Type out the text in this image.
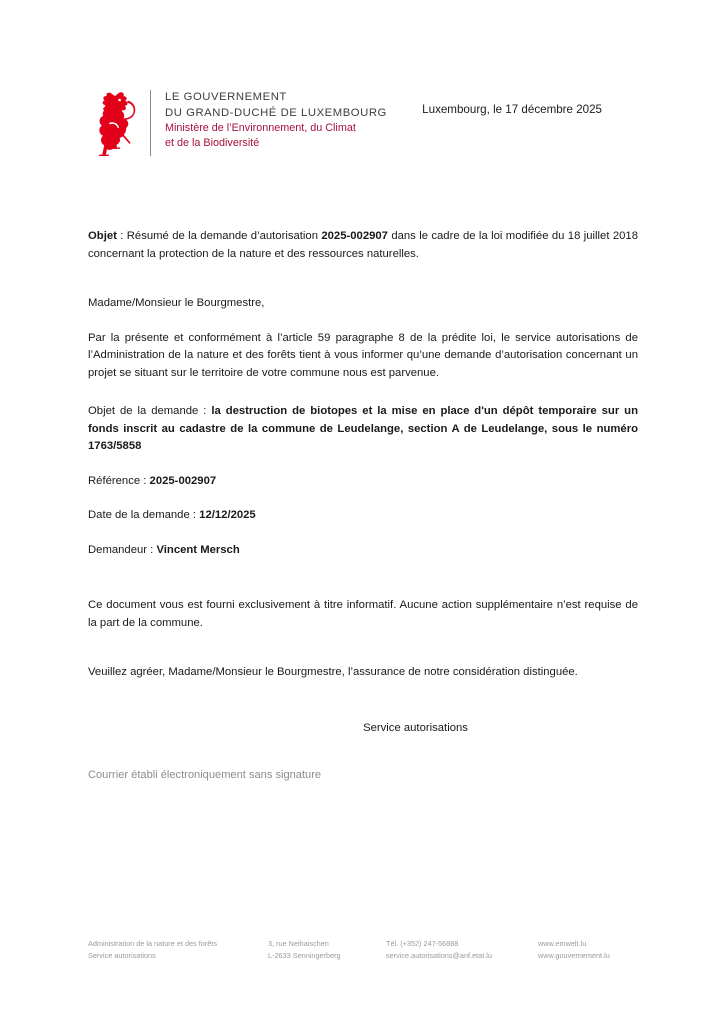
LE GOUVERNEMENT
DU GRAND-DUCHÉ DE LUXEMBOURG
Ministère de l’Environnement, du Climat
et de la Biodiversité
Luxembourg, le 17 décembre 2025

Objet : Résumé de la demande d’autorisation 2025-002907 dans le cadre de la loi modifiée du 18 juillet 2018 concernant la protection de la nature et des ressources naturelles.

Madame/Monsieur le Bourgmestre,

Par la présente et conformément à l’article 59 paragraphe 8 de la prédite loi, le service autorisations de l’Administration de la nature et des forêts tient à vous informer qu’une demande d’autorisation concernant un projet se situant sur le territoire de votre commune nous est parvenue.

Objet de la demande : la destruction de biotopes et la mise en place d'un dépôt temporaire sur un fonds inscrit au cadastre de la commune de Leudelange, section A de Leudelange, sous le numéro 1763/5858

Référence : 2025-002907

Date de la demande : 12/12/2025

Demandeur : Vincent Mersch

Ce document vous est fourni exclusivement à titre informatif. Aucune action supplémentaire n’est requise de la part de la commune.

Veuillez agréer, Madame/Monsieur le Bourgmestre, l’assurance de notre considération distinguée.

Service autorisations
Courrier établi électroniquement sans signature
Administration de la nature et des forêts
Service autorisations
3, rue Neihaischen
L-2633 Senningerberg
Tél. (+352) 247-56888
service.autorisations@anf.etat.lu
www.emwelt.lu
www.gouvernement.lu
